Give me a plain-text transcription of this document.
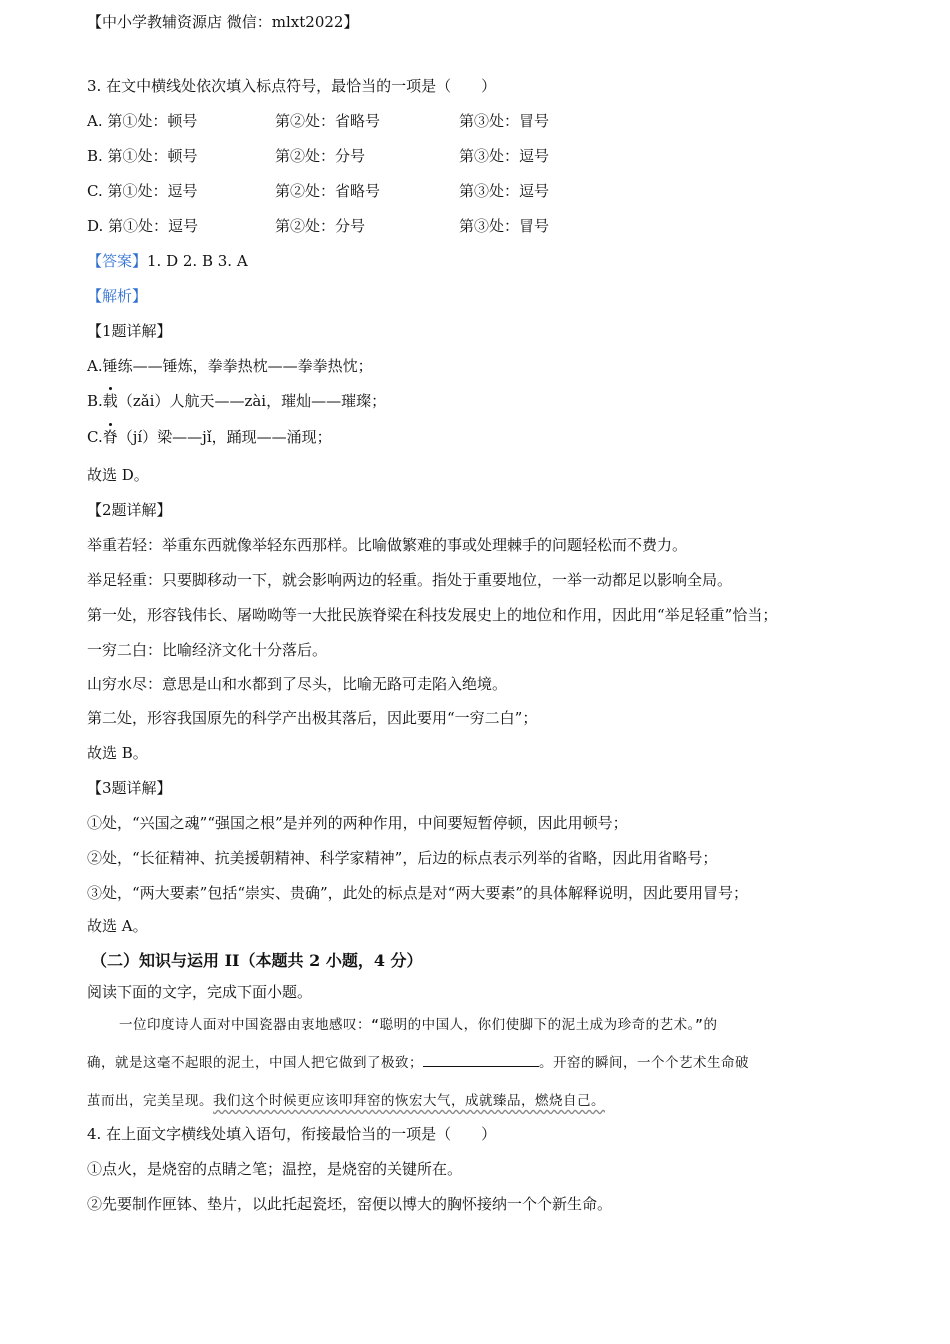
【中小学教辅资源店 微信：mlxt2022】
3. 在文中横线处依次填入标点符号，最恰当的一项是（　　）
A. 第①处：顿号	第②处：省略号	第③处：冒号
B. 第①处：顿号	第②处：分号	第③处：逗号
C. 第①处：逗号	第②处：省略号	第③处：逗号
D. 第①处：逗号	第②处：分号	第③处：冒号
【答案】1. D 2. B 3. A
【解析】
【1题详解】
A.锤练——锤炼，拳拳热枕——拳拳热忱；
B.载（zǎi）人航天——zài，璀灿——璀璨；
C.脊（jí）梁——jǐ，踊现——涌现；
故选 D。
【2题详解】
举重若轻：举重东西就像举轻东西那样。比喻做繁难的事或处理棘手的问题轻松而不费力。
举足轻重：只要脚移动一下，就会影响两边的轻重。指处于重要地位，一举一动都足以影响全局。
第一处，形容钱伟长、屠呦呦等一大批民族脊梁在科技发展史上的地位和作用，因此用“举足轻重”恰当；
一穷二白：比喻经济文化十分落后。
山穷水尽：意思是山和水都到了尽头，比喻无路可走陷入绝境。
第二处，形容我国原先的科学产出极其落后，因此要用“一穷二白”；
故选 B。
【3题详解】
①处，“兴国之魂”“强国之根”是并列的两种作用，中间要短暂停顿，因此用顿号；
②处，“长征精神、抗美援朝精神、科学家精神”，后边的标点表示列举的省略，因此用省略号；
③处，“两大要素”包括“崇实、贵确”，此处的标点是对“两大要素”的具体解释说明，因此要用冒号；
故选 A。
（二）知识与运用 II（本题共 2 小题，4 分）
阅读下面的文字，完成下面小题。

一位印度诗人面对中国瓷器由衷地感叹：“聪明的中国人，你们使脚下的泥土成为珍奇的艺术。”的

确，就是这毫不起眼的泥土，中国人把它做到了极致；	。开窑的瞬间，一个个艺术生命破
茧而出，完美呈现。我们这个时候更应该叩拜窑的恢宏大气，成就臻品，燃烧自己。
4. 在上面文字横线处填入语句，衔接最恰当的一项是（　　）
①点火，是烧窑的点睛之笔；温控，是烧窑的关键所在。
②先要制作匣钵、垫片，以此托起瓷坯，窑便以博大的胸怀接纳一个个新生命。
